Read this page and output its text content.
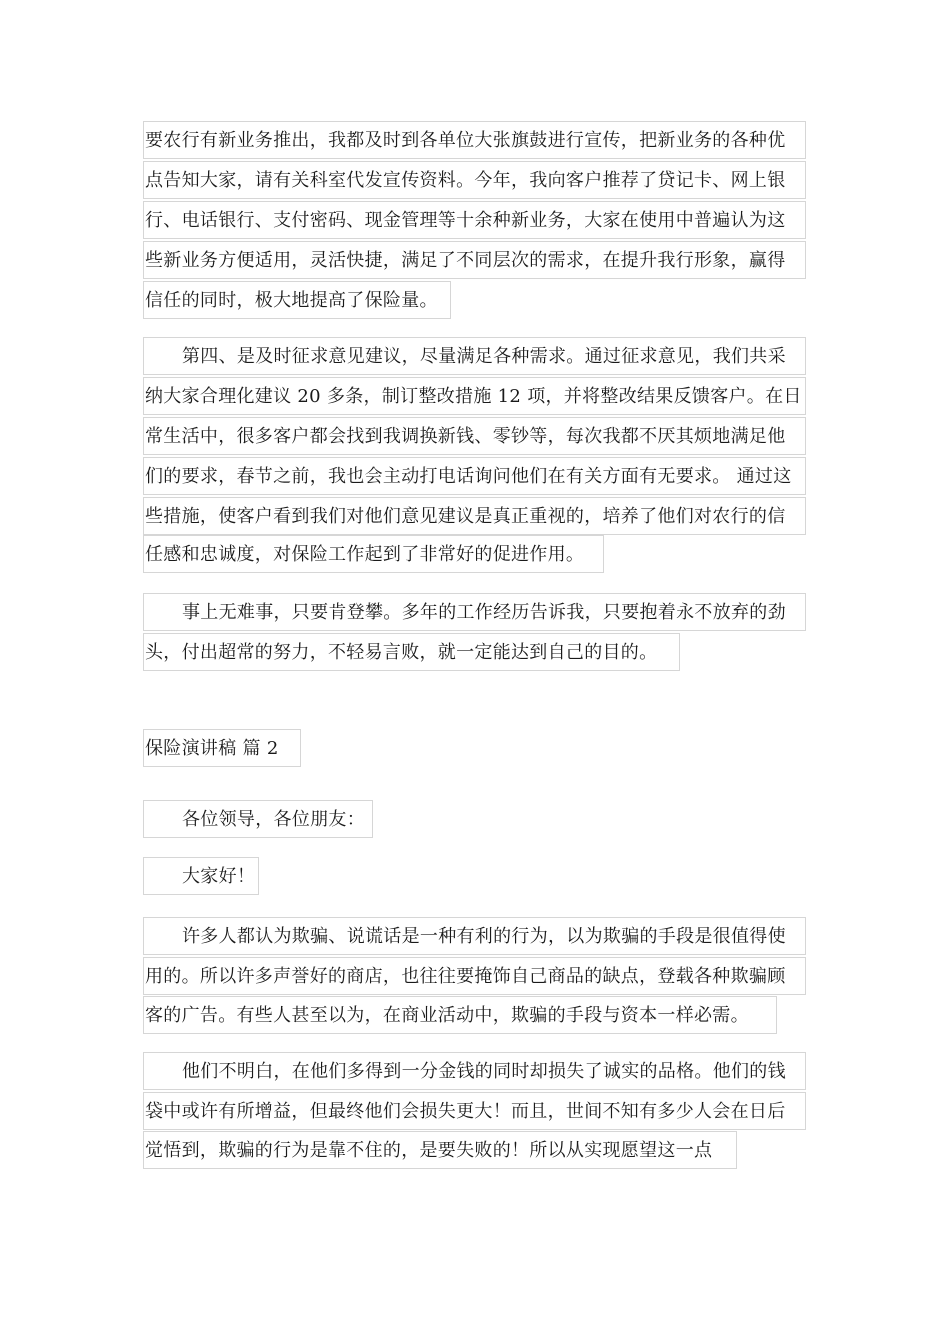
要农行有新业务推出，我都及时到各单位大张旗鼓进行宣传，把新业务的各种优
点告知大家，请有关科室代发宣传资料。今年，我向客户推荐了贷记卡、网上银
行、电话银行、支付密码、现金管理等十余种新业务，大家在使用中普遍认为这
些新业务方便适用，灵活快捷，满足了不同层次的需求，在提升我行形象，赢得
信任的同时，极大地提高了保险量。
第四、是及时征求意见建议，尽量满足各种需求。通过征求意见，我们共采
纳大家合理化建议 20 多条，制订整改措施 12 项，并将整改结果反馈客户。在日
常生活中，很多客户都会找到我调换新钱、零钞等，每次我都不厌其烦地满足他
们的要求，春节之前，我也会主动打电话询问他们在有关方面有无要求。 通过这
些措施，使客户看到我们对他们意见建议是真正重视的，培养了他们对农行的信
任感和忠诚度，对保险工作起到了非常好的促进作用。
事上无难事，只要肯登攀。多年的工作经历告诉我，只要抱着永不放弃的劲
头，付出超常的努力，不轻易言败，就一定能达到自己的目的。
保险演讲稿 篇 2
各位领导，各位朋友：
大家好！
许多人都认为欺骗、说谎话是一种有利的行为，以为欺骗的手段是很值得使
用的。所以许多声誉好的商店，也往往要掩饰自己商品的缺点，登载各种欺骗顾
客的广告。有些人甚至以为，在商业活动中，欺骗的手段与资本一样必需。
他们不明白，在他们多得到一分金钱的同时却损失了诚实的品格。他们的钱
袋中或许有所增益，但最终他们会损失更大！而且，世间不知有多少人会在日后
觉悟到，欺骗的行为是靠不住的，是要失败的！所以从实现愿望这一点
